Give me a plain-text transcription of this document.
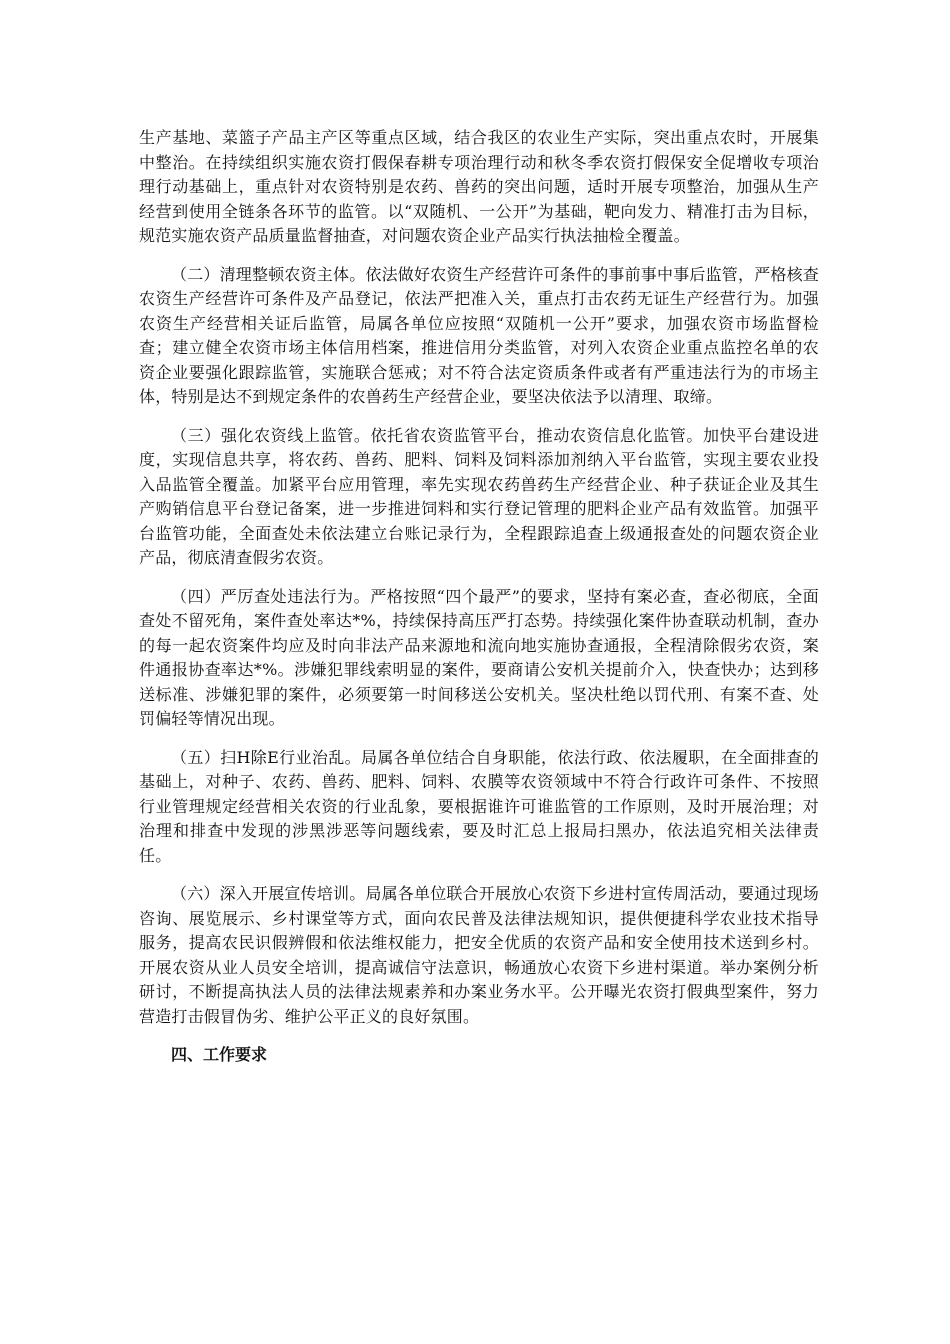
生产基地、菜篮子产品主产区等重点区域，结合我区的农业生产实际，突出重点农时，开展集中整治。在持续组织实施农资打假保春耕专项治理行动和秋冬季农资打假保安全促增收专项治理行动基础上，重点针对农资特别是农药、兽药的突出问题，适时开展专项整治，加强从生产经营到使用全链条各环节的监管。以“双随机、一公开”为基础，靶向发力、精准打击为目标，规范实施农资产品质量监督抽查，对问题农资企业产品实行执法抽检全覆盖。

（二）清理整顿农资主体。依法做好农资生产经营许可条件的事前事中事后监管，严格核查农资生产经营许可条件及产品登记，依法严把准入关，重点打击农药无证生产经营行为。加强农资生产经营相关证后监管，局属各单位应按照“双随机一公开”要求，加强农资市场监督检查；建立健全农资市场主体信用档案，推进信用分类监管，对列入农资企业重点监控名单的农资企业要强化跟踪监管，实施联合惩戒；对不符合法定资质条件或者有严重违法行为的市场主体，特别是达不到规定条件的农兽药生产经营企业，要坚决依法予以清理、取缔。

（三）强化农资线上监管。依托省农资监管平台，推动农资信息化监管。加快平台建设进度，实现信息共享，将农药、兽药、肥料、饲料及饲料添加剂纳入平台监管，实现主要农业投入品监管全覆盖。加紧平台应用管理，率先实现农药兽药生产经营企业、种子获证企业及其生产购销信息平台登记备案，进一步推进饲料和实行登记管理的肥料企业产品有效监管。加强平台监管功能，全面查处未依法建立台账记录行为，全程跟踪追查上级通报查处的问题农资企业产品，彻底清查假劣农资。

（四）严厉查处违法行为。严格按照“四个最严”的要求，坚持有案必查，查必彻底，全面查处不留死角，案件查处率达*%，持续保持高压严打态势。持续强化案件协查联动机制，查办的每一起农资案件均应及时向非法产品来源地和流向地实施协查通报，全程清除假劣农资，案件通报协查率达*%。涉嫌犯罪线索明显的案件，要商请公安机关提前介入，快查快办；达到移送标准、涉嫌犯罪的案件，必须要第一时间移送公安机关。坚决杜绝以罚代刑、有案不查、处罚偏轻等情况出现。

（五）扫H除E行业治乱。局属各单位结合自身职能，依法行政、依法履职，在全面排查的基础上，对种子、农药、兽药、肥料、饲料、农膜等农资领域中不符合行政许可条件、不按照行业管理规定经营相关农资的行业乱象，要根据谁许可谁监管的工作原则，及时开展治理；对治理和排查中发现的涉黑涉恶等问题线索，要及时汇总上报局扫黑办，依法追究相关法律责任。

（六）深入开展宣传培训。局属各单位联合开展放心农资下乡进村宣传周活动，要通过现场咨询、展览展示、乡村课堂等方式，面向农民普及法律法规知识，提供便捷科学农业技术指导服务，提高农民识假辨假和依法维权能力，把安全优质的农资产品和安全使用技术送到乡村。开展农资从业人员安全培训，提高诚信守法意识，畅通放心农资下乡进村渠道。举办案例分析研讨，不断提高执法人员的法律法规素养和办案业务水平。公开曝光农资打假典型案件，努力营造打击假冒伪劣、维护公平正义的良好氛围。

四、工作要求
